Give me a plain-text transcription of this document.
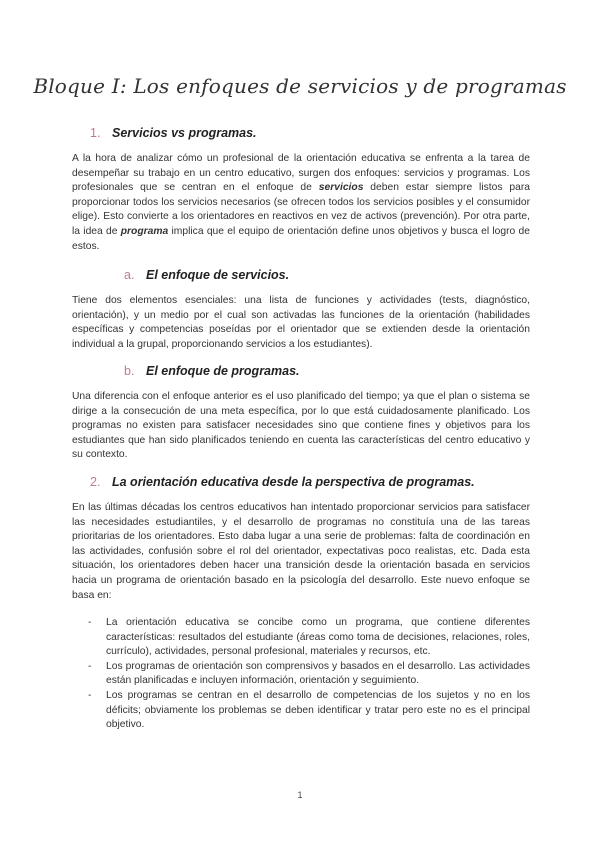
Bloque I: Los enfoques de servicios y de programas
1. Servicios vs programas.
A la hora de analizar cómo un profesional de la orientación educativa se enfrenta a la tarea de desempeñar su trabajo en un centro educativo, surgen dos enfoques: servicios y programas. Los profesionales que se centran en el enfoque de servicios deben estar siempre listos para proporcionar todos los servicios necesarios (se ofrecen todos los servicios posibles y el consumidor elige). Esto convierte a los orientadores en reactivos en vez de activos (prevención). Por otra parte, la idea de programa implica que el equipo de orientación define unos objetivos y busca el logro de estos.
a. El enfoque de servicios.
Tiene dos elementos esenciales: una lista de funciones y actividades (tests, diagnóstico, orientación), y un medio por el cual son activadas las funciones de la orientación (habilidades específicas y competencias poseídas por el orientador que se extienden desde la orientación individual a la grupal, proporcionando servicios a los estudiantes).
b. El enfoque de programas.
Una diferencia con el enfoque anterior es el uso planificado del tiempo; ya que el plan o sistema se dirige a la consecución de una meta específica, por lo que está cuidadosamente planificado. Los programas no existen para satisfacer necesidades sino que contiene fines y objetivos para los estudiantes que han sido planificados teniendo en cuenta las características del centro educativo y su contexto.
2. La orientación educativa desde la perspectiva de programas.
En las últimas décadas los centros educativos han intentado proporcionar servicios para satisfacer las necesidades estudiantiles, y el desarrollo de programas no constituía una de las tareas prioritarias de los orientadores. Esto daba lugar a una serie de problemas: falta de coordinación en las actividades, confusión sobre el rol del orientador, expectativas poco realistas, etc. Dada esta situación, los orientadores deben hacer una transición desde la orientación basada en servicios hacia un programa de orientación basado en la psicología del desarrollo. Este nuevo enfoque se basa en:
- La orientación educativa se concibe como un programa, que contiene diferentes características: resultados del estudiante (áreas como toma de decisiones, relaciones, roles, currículo), actividades, personal profesional, materiales y recursos, etc.
- Los programas de orientación son comprensivos y basados en el desarrollo. Las actividades están planificadas e incluyen información, orientación y seguimiento.
- Los programas se centran en el desarrollo de competencias de los sujetos y no en los déficits; obviamente los problemas se deben identificar y tratar pero este no es el principal objetivo.
1
